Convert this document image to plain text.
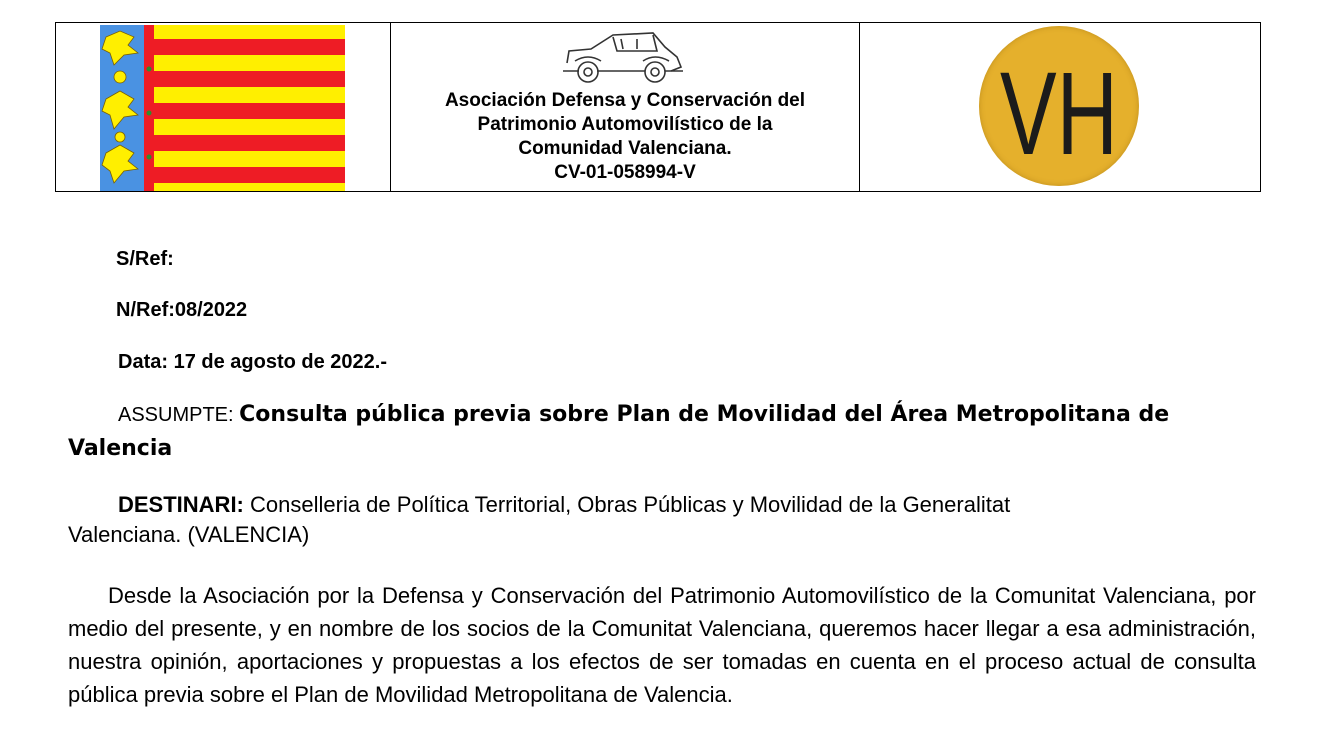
Asociación Defensa y Conservación del
Patrimonio Automovilístico de la
Comunidad Valenciana.
CV-01-058994-V	VH
S/Ref:
N/Ref:08/2022
Data: 17 de agosto de 2022.-
ASSUMPTE: Consulta pública previa sobre Plan de Movilidad del Área Metropolitana de
Valencia
DESTINARI: Conselleria de Política Territorial, Obras Públicas y Movilidad de la Generalitat
Valenciana. (VALENCIA)
Desde la Asociación por la Defensa y Conservación del Patrimonio Automovilístico de la Comunitat Valenciana, por medio del presente, y en nombre de los socios de la Comunitat Valenciana, queremos hacer llegar a esa administración, nuestra opinión, aportaciones y propuestas a los efectos de ser tomadas en cuenta en el proceso actual de consulta pública previa sobre el Plan de Movilidad Metropolitana de Valencia.
